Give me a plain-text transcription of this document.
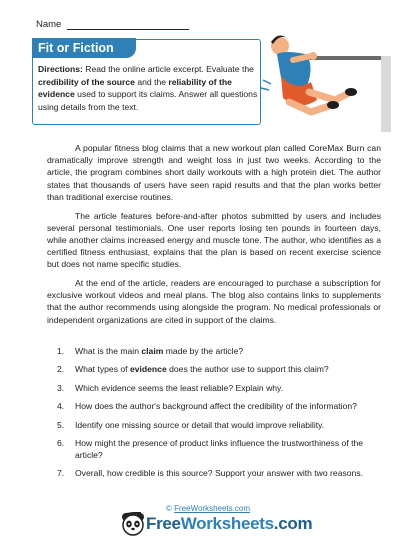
Name
Fit or Fiction
Directions: Read the online article excerpt. Evaluate the credibility of the source and the reliability of the evidence used to support its claims. Answer all questions using details from the text.

A popular fitness blog claims that a new workout plan called CoreMax Burn can dramatically improve strength and weight loss in just two weeks. According to the article, the program combines short daily workouts with a high protein diet. The author states that thousands of users have seen rapid results and that the plan works better than traditional exercise routines.

The article features before-and-after photos submitted by users and includes several personal testimonials. One user reports losing ten pounds in fourteen days, while another claims increased energy and muscle tone. The author, who identifies as a certified fitness enthusiast, explains that the plan is based on recent exercise science but does not name specific studies.

At the end of the article, readers are encouraged to purchase a subscription for exclusive workout videos and meal plans. The blog also contains links to supplements that the author recommends using alongside the program. No medical professionals or independent organizations are cited in support of the claims.

1.	What is the main claim made by the article?
2.	What types of evidence does the author use to support this claim?
3.	Which evidence seems the least reliable? Explain why.
4.	How does the author's background affect the credibility of the information?
5.	Identify one missing source or detail that would improve reliability.
6.	How might the presence of product links influence the trustworthiness of the article?
7.	Overall, how credible is this source? Support your answer with two reasons.
© FreeWorksheets.com
FreeWorksheets.com
